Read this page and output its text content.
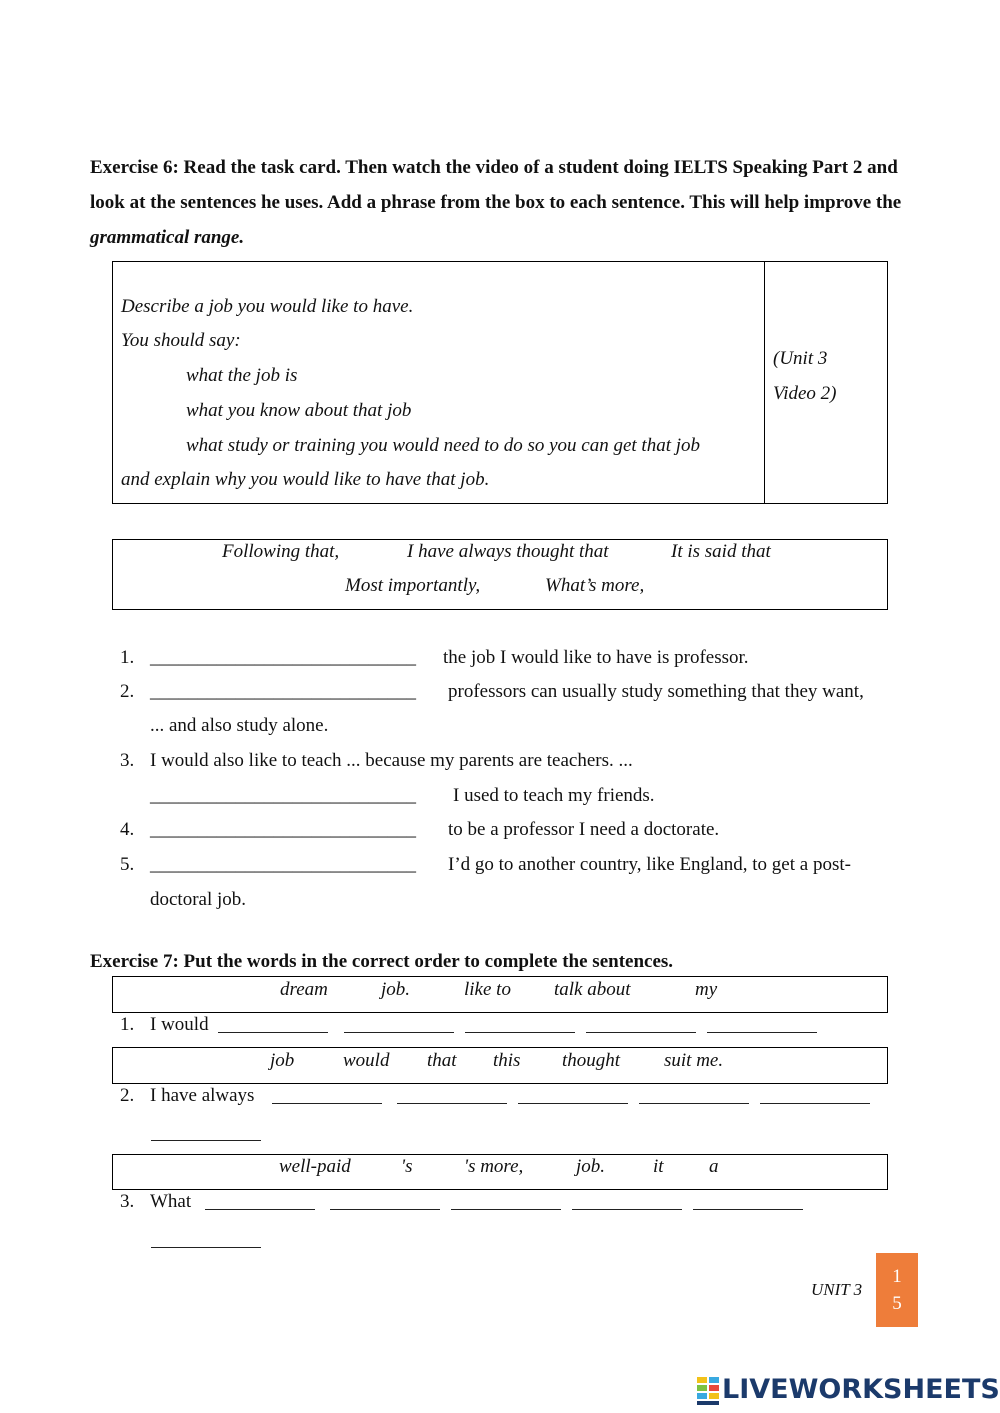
Exercise 6: Read the task card. Then watch the video of a student doing IELTS Speaking Part 2 and look at the sentences he uses. Add a phrase from the box to each sentence. This will help improve the grammatical range.
Describe a job you would like to have.
You should say:
what the job is
what you know about that job
what study or training you would need to do so you can get that job
and explain why you would like to have that job.
(Unit 3
Video 2)
Following that,	I have always thought that	It is said that
Most importantly,	What’s more,
1. ____________________________ the job I would like to have is professor.
2. ____________________________ professors can usually study something that they want,
... and also study alone.
3. I would also like to teach ... because my parents are teachers. ...
____________________________ I used to teach my friends.
4. ____________________________ to be a professor I need a doctorate.
5. ____________________________ I’d go to another country, like England, to get a post-
doctoral job.
Exercise 7: Put the words in the correct order to complete the sentences.
dream	job.	like to talk about	my
1. I would
job	would that this thought suit me.
2. I have always
well-paid	's	's more,	job.	it a
3. What
UNIT 3
1
5
LIVEWORKSHEETS
